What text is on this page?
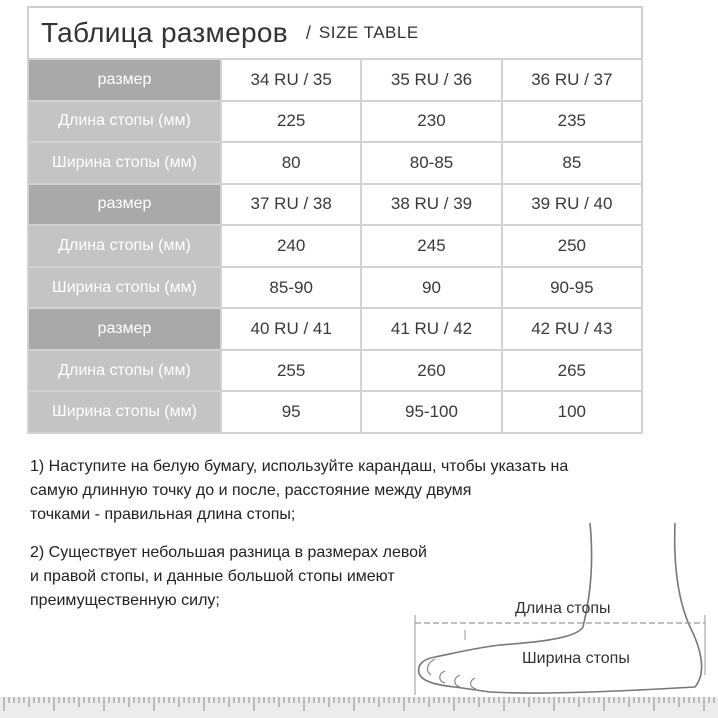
Таблица размеров / SIZE TABLE
размер	34 RU / 35	35 RU / 36	36 RU / 37
Длина стопы (мм)	225	230	235
Ширина стопы (мм)	80	80-85	85
размер	37 RU / 38	38 RU / 39	39 RU / 40
Длина стопы (мм)	240	245	250
Ширина стопы (мм)	85-90	90	90-95
размер	40 RU / 41	41 RU / 42	42 RU / 43
Длина стопы (мм)	255	260	265
Ширина стопы (мм)	95	95-100	100
1) Наступите на белую бумагу, используйте карандаш, чтобы указать на
самую длинную точку до и после, расстояние между двумя
точками - правильная длина стопы;
2) Существует небольшая разница в размерах левой
и правой стопы, и данные большой стопы имеют
преимущественную силу;	Длина стопы
Ширина стопы
